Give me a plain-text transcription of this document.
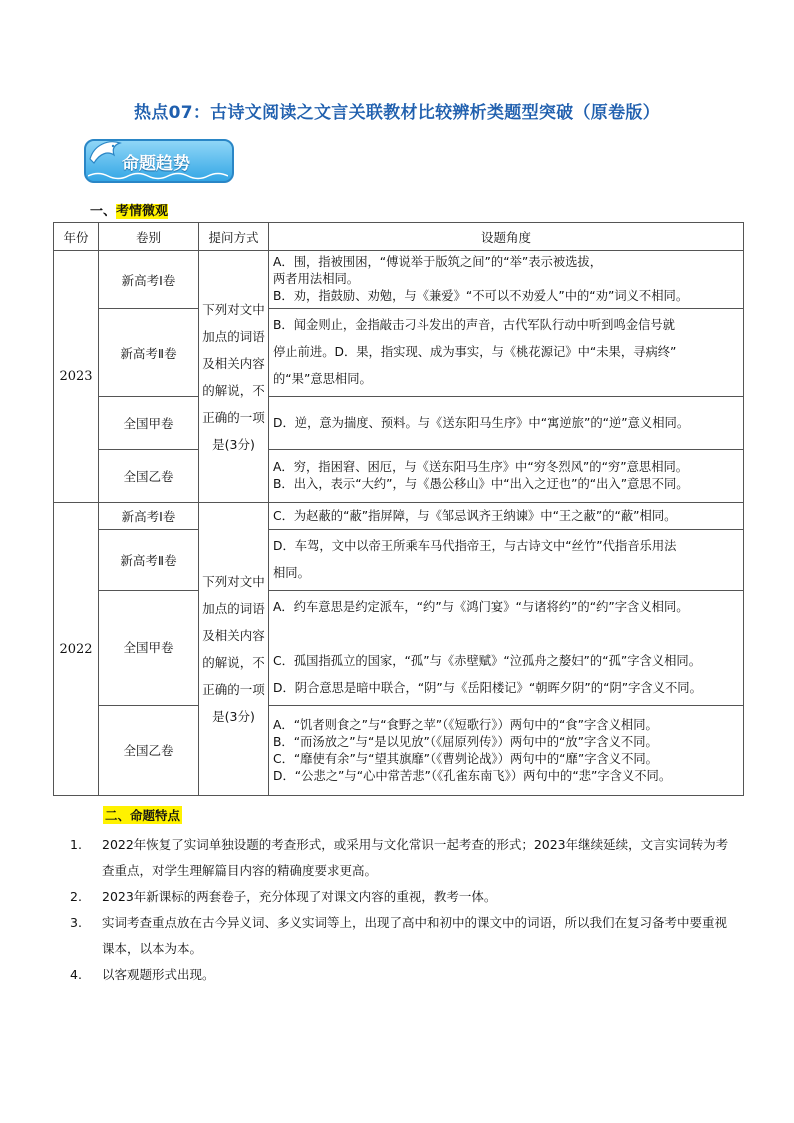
热点07：古诗文阅读之文言关联教材比较辨析类题型突破（原卷版）
命题趋势
一、考情微观
年份	卷别	提问方式	设题角度
2023	新高考Ⅰ卷	下列对文中加点的词语及相关内容的解说，不正确的一项是(3分)	A．围，指被围困，“傅说举于版筑之间”的“举”表示被选拔，

两者用法相同。

B．劝，指鼓励、劝勉，与《兼爱》“不可以不劝爱人”中的“劝”词义不相同。

	新高考Ⅱ卷		B．闻金则止，金指敲击刁斗发出的声音，古代军队行动中听到鸣金信号就

停止前进。D．果，指实现、成为事实，与《桃花源记》中“未果，寻病终”

的“果”意思相同。

	全国甲卷		D．逆，意为揣度、预料。与《送东阳马生序》中“寓逆旅”的“逆”意义相同。

	全国乙卷		A．穷，指困窘、困厄，与《送东阳马生序》中“穷冬烈风”的“穷”意思相同。

B．出入，表示“大约”，与《愚公移山》中“出入之迂也”的“出入”意思不同。

2022	新高考Ⅰ卷	下列对文中加点的词语及相关内容的解说，不正确的一项是(3分)	C．为赵蔽的“蔽”指屏障，与《邹忌讽齐王纳谏》中“王之蔽”的“蔽”相同。

	新高考Ⅱ卷		D．车驾，文中以帝王所乘车马代指帝王，与古诗文中“丝竹”代指音乐用法

相同。

	全国甲卷		A．约车意思是约定派车，“约”与《鸿门宴》“与诸将约”的“约”字含义相同。

C．孤国指孤立的国家，“孤”与《赤壁赋》“泣孤舟之嫠妇”的“孤”字含义相同。

D．阴合意思是暗中联合，“阴”与《岳阳楼记》“朝晖夕阴”的“阴”字含义不同。

	全国乙卷		A．“饥者则食之”与“食野之苹”（《短歌行》）两句中的“食”字含义相同。

B．“而汤放之”与“是以见放”（《屈原列传》）两句中的“放”字含义不同。

C．“靡使有余”与“望其旗靡”（《曹刿论战》）两句中的“靡”字含义不同。

D．“公悲之”与“心中常苦悲”（《孔雀东南飞》）两句中的“悲”字含义不同。

二、命题特点
1. 2022年恢复了实词单独设题的考查形式，或采用与文化常识一起考查的形式；2023年继续延续，文言实词转为考查重点，对学生理解篇目内容的精确度要求更高。
2. 2023年新课标的两套卷子，充分体现了对课文内容的重视，教考一体。
3. 实词考查重点放在古今异义词、多义实词等上，出现了高中和初中的课文中的词语，所以我们在复习备考中要重视课本，以本为本。
4. 以客观题形式出现。
